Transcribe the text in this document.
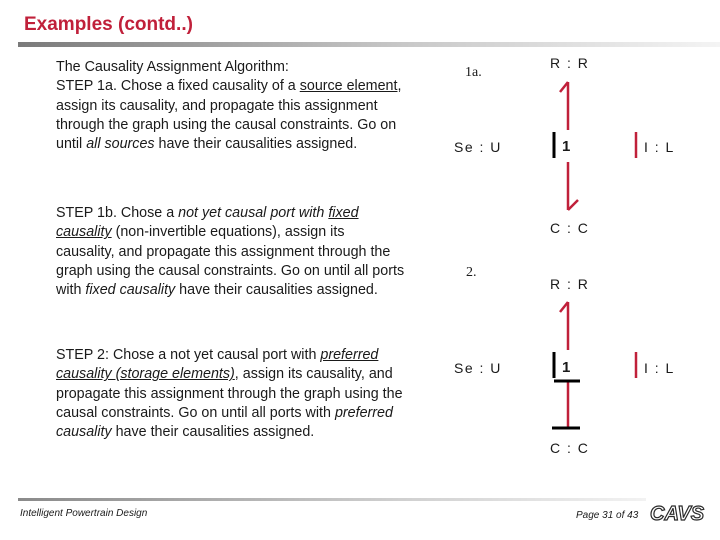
Examples (contd..)

The Causality Assignment Algorithm:

STEP 1a. Chose a fixed causality of a source element, assign its causality, and propagate this assignment through the graph using the causal constraints. Go on until all sources have their causalities assigned.

STEP 1b. Chose a not yet causal port with fixed causality (non-invertible equations), assign its causality, and propagate this assignment through the graph using the causal constraints. Go on until all ports with fixed causality have their causalities assigned.

STEP 2: Chose a not yet causal port with preferred causality (storage elements), assign its causality, and propagate this assignment through the graph using the causal constraints. Go on until all ports with preferred causality have their causalities assigned.

1a.
R : R
Se : U	1	I : L
C : C
2.
R : R
Se : U	1	I : L
C : C
Intelligent Powertrain Design	Page 31 of 43 CAVS
